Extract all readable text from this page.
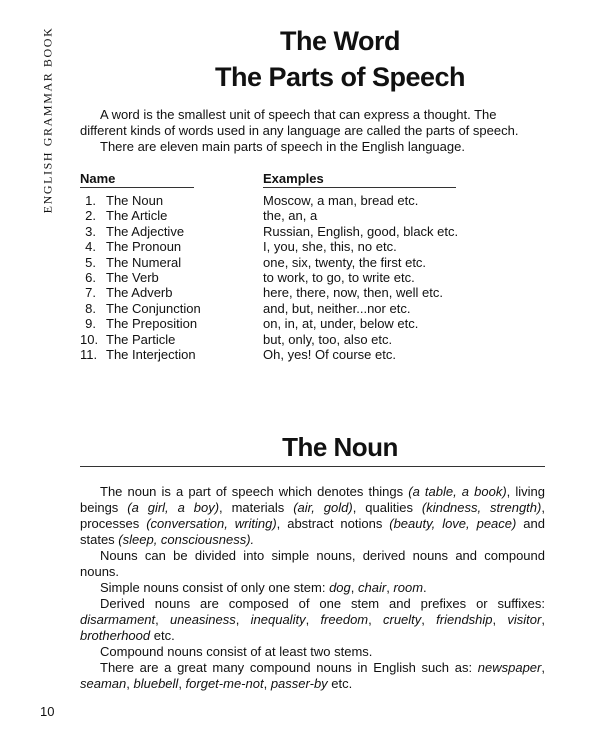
ENGLISH GRAMMAR BOOK	The Word
The Parts of Speech

A word is the smallest unit of speech that can express a thought. The different kinds of words used in any language are called the parts of speech.

There are eleven main parts of speech in the English language.

Name	Examples
1. The Noun	Moscow, a man, bread etc.
2. The Article	the, an, a
3. The Adjective	Russian, English, good, black etc.
4. The Pronoun	I, you, she, this, no etc.
5. The Numeral	one, six, twenty, the first etc.
6. The Verb	to work, to go, to write etc.
7. The Adverb	here, there, now, then, well etc.
8. The Conjunction	and, but, neither...nor etc.
9. The Preposition	on, in, at, under, below etc.
10. The Particle	but, only, too, also etc.
11. The Interjection	Oh, yes! Of course etc.
The Noun

The noun is a part of speech which denotes things (a table, a book), living beings (a girl, a boy), materials (air, gold), qualities (kindness, strength), processes (conversation, writing), abstract notions (beauty, love, peace) and states (sleep, consciousness).

Nouns can be divided into simple nouns, derived nouns and compound nouns.

Simple nouns consist of only one stem: dog, chair, room.

Derived nouns are composed of one stem and prefixes or suffixes: disarmament, uneasiness, inequality, freedom, cruelty, friendship, visitor, brotherhood etc.

Compound nouns consist of at least two stems.

There are a great many compound nouns in English such as: newspaper, seaman, bluebell, forget-me-not, passer-by etc.

10
